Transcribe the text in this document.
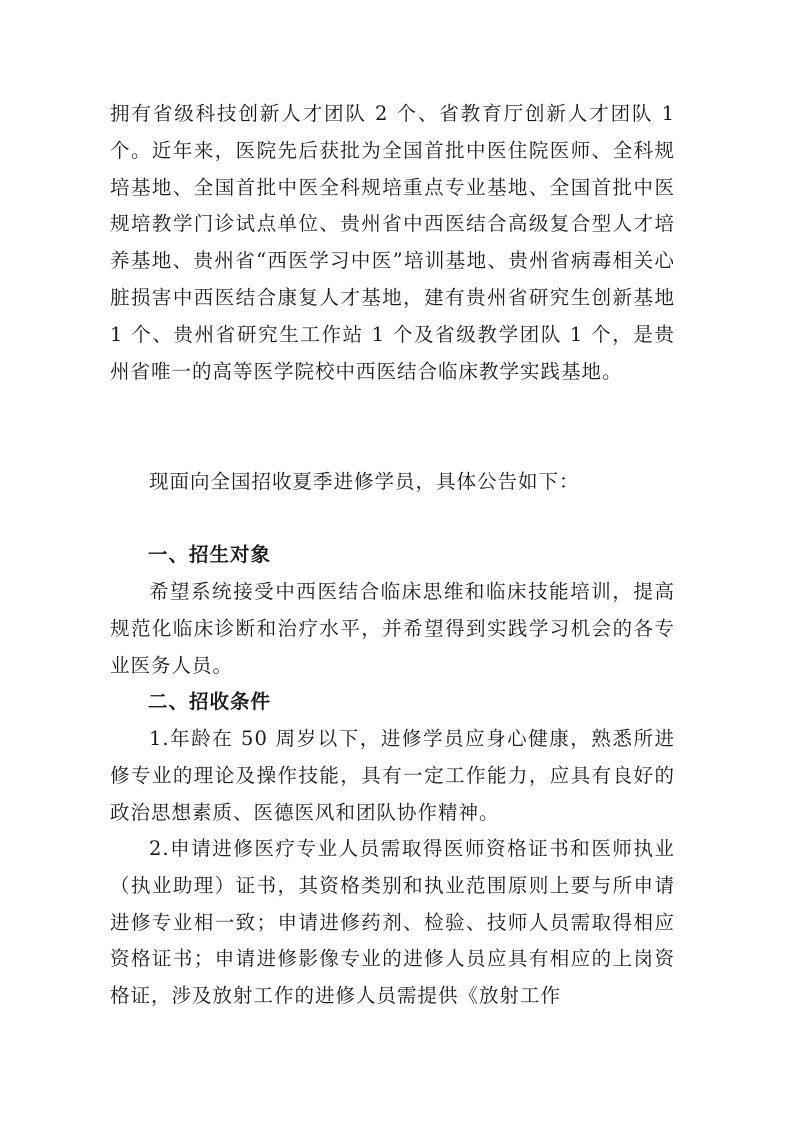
拥有省级科技创新人才团队 2 个、省教育厅创新人才团队 1 个。近年来，医院先后获批为全国首批中医住院医师、全科规培基地、全国首批中医全科规培重点专业基地、全国首批中医规培教学门诊试点单位、贵州省中西医结合高级复合型人才培养基地、贵州省“西医学习中医”培训基地、贵州省病毒相关心脏损害中西医结合康复人才基地，建有贵州省研究生创新基地 1 个、贵州省研究生工作站 1 个及省级教学团队 1 个，是贵州省唯一的高等医学院校中西医结合临床教学实践基地。

现面向全国招收夏季进修学员，具体公告如下：

一、招生对象

希望系统接受中西医结合临床思维和临床技能培训，提高规范化临床诊断和治疗水平，并希望得到实践学习机会的各专业医务人员。

二、招收条件

1.年龄在 50 周岁以下，进修学员应身心健康，熟悉所进修专业的理论及操作技能，具有一定工作能力，应具有良好的政治思想素质、医德医风和团队协作精神。

2.申请进修医疗专业人员需取得医师资格证书和医师执业（执业助理）证书，其资格类别和执业范围原则上要与所申请进修专业相一致；申请进修药剂、检验、技师人员需取得相应资格证书；申请进修影像专业的进修人员应具有相应的上岗资格证，涉及放射工作的进修人员需提供《放射工作
